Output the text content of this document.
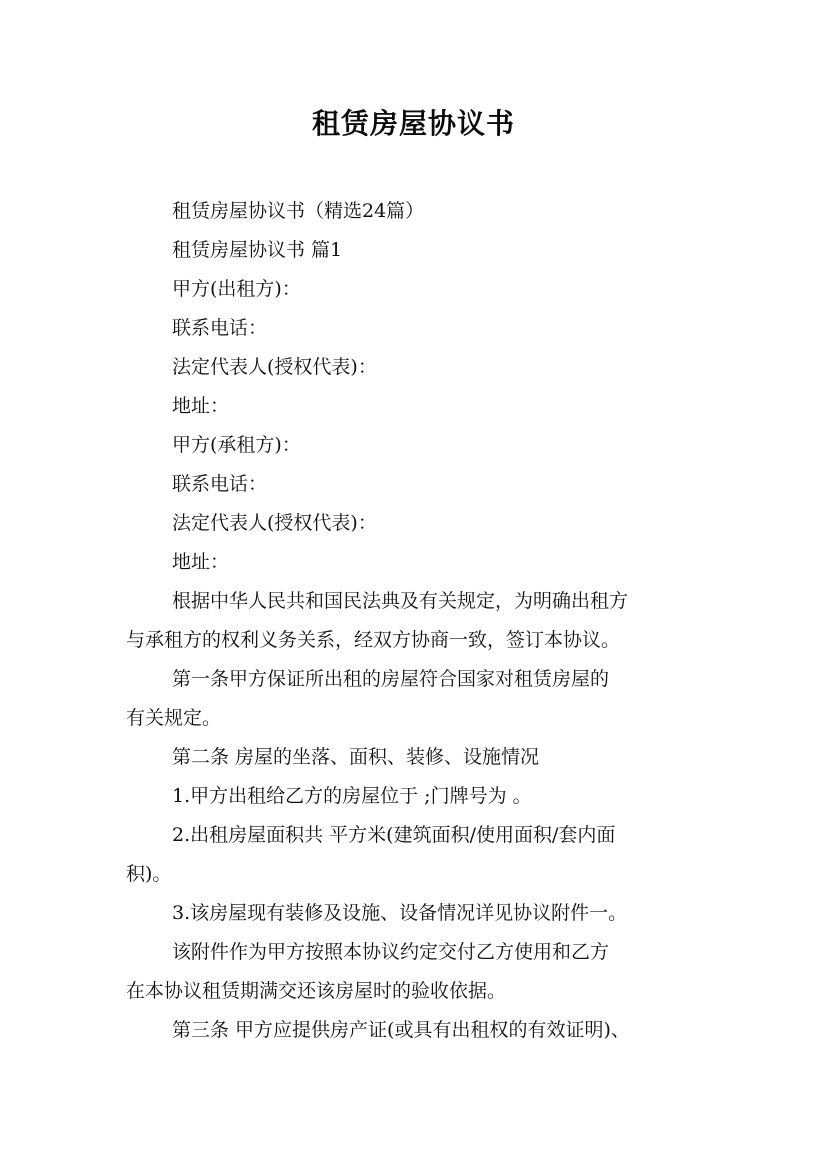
租赁房屋协议书
租赁房屋协议书（精选24篇）
租赁房屋协议书 篇1
甲方(出租方)：
联系电话：
法定代表人(授权代表)：
地址：
甲方(承租方)：
联系电话：
法定代表人(授权代表)：
地址：
根据中华人民共和国民法典及有关规定，为明确出租方
与承租方的权利义务关系，经双方协商一致，签订本协议。
第一条甲方保证所出租的房屋符合国家对租赁房屋的
有关规定。
第二条 房屋的坐落、面积、装修、设施情况
1.甲方出租给乙方的房屋位于 ;门牌号为 。
2.出租房屋面积共 平方米(建筑面积/使用面积/套内面
积)。
3.该房屋现有装修及设施、设备情况详见协议附件一。
该附件作为甲方按照本协议约定交付乙方使用和乙方
在本协议租赁期满交还该房屋时的验收依据。
第三条 甲方应提供房产证(或具有出租权的有效证明)、
